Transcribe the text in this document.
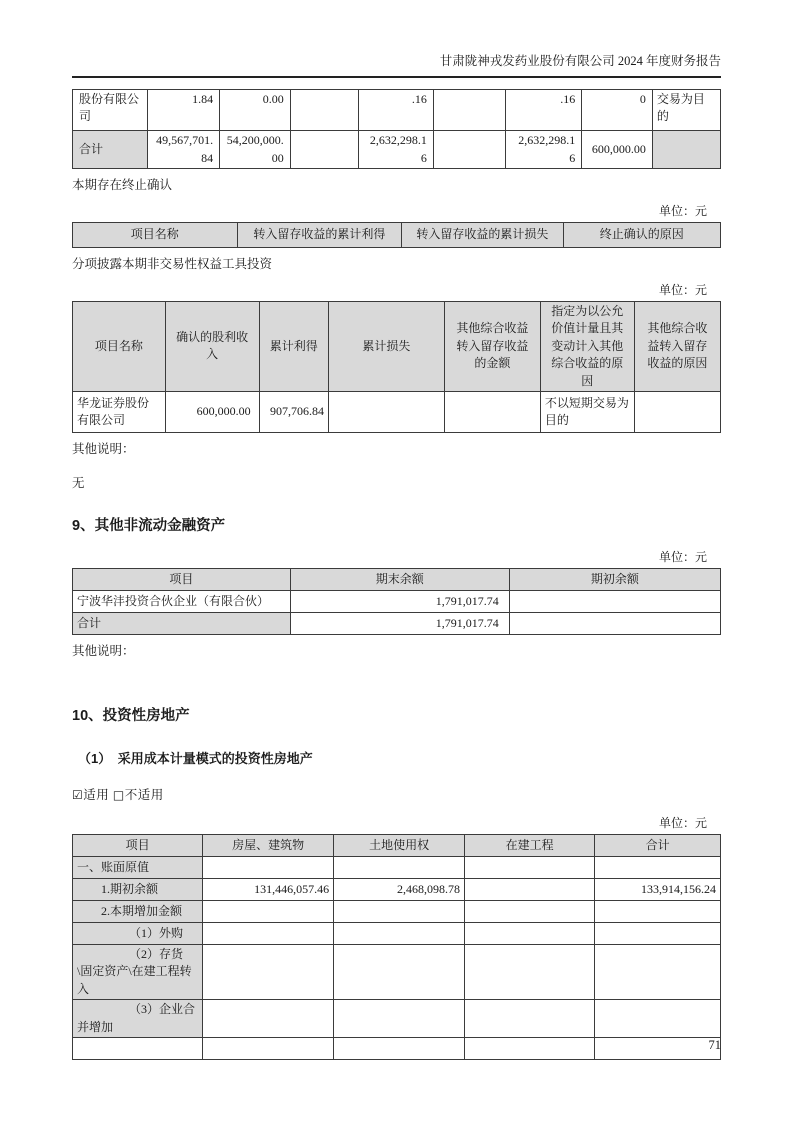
甘肃陇神戎发药业股份有限公司 2024 年度财务报告
股份有限公司	1.84	0.00		.16		.16	0	交易为目的
合计	49,567,701.84	54,200,000.00		2,632,298.16		2,632,298.16	600,000.00	

本期存在终止确认

单位：元
项目名称	转入留存收益的累计利得	转入留存收益的累计损失	终止确认的原因

分项披露本期非交易性权益工具投资

单位：元
项目名称	确认的股利收入	累计利得	累计损失	其他综合收益转入留存收益的金额	指定为以公允价值计量且其变动计入其他综合收益的原因	其他综合收益转入留存收益的原因
华龙证券股份有限公司	600,000.00	907,706.84			不以短期交易为目的	

其他说明：

无

9、其他非流动金融资产
单位：元
项目	期末余额	期初余额
宁波华沣投资合伙企业（有限合伙）	1,791,017.74	
合计	1,791,017.74	

其他说明：

10、投资性房地产
（1）　采用成本计量模式的投资性房地产

☑适用 □不适用

单位：元
项目	房屋、建筑物	土地使用权	在建工程	合计
一、账面原值				
1.期初余额	131,446,057.46	2,468,098.78		133,914,156.24
2.本期增加金额				
（1）外购				
（2）存货\固定资产\在建工程转入				
（3）企业合并增加				

71
